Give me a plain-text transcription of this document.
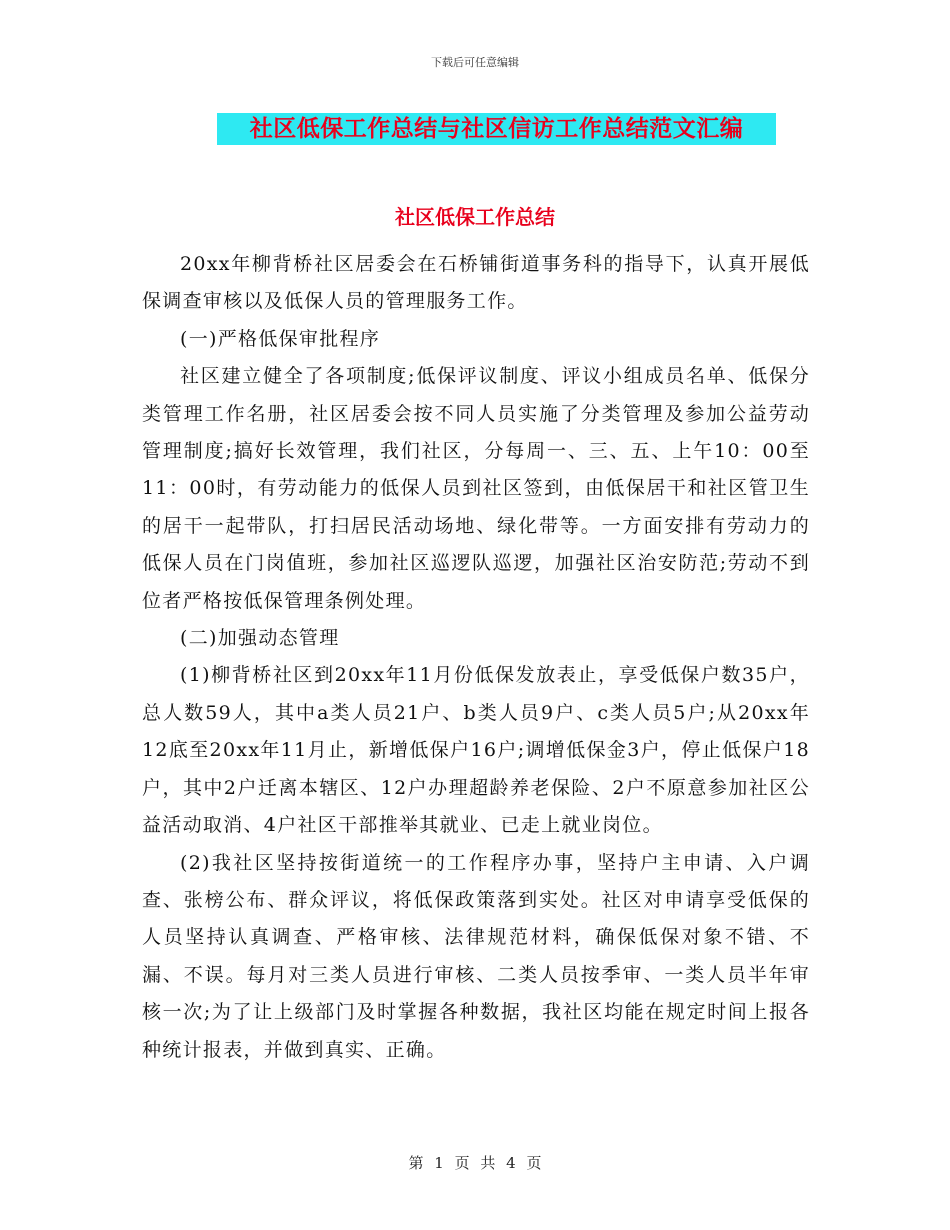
下载后可任意编辑
社区低保工作总结与社区信访工作总结范文汇编
社区低保工作总结

20xx年柳背桥社区居委会在石桥铺街道事务科的指导下，认真开展低保调查审核以及低保人员的管理服务工作。

(一)严格低保审批程序

社区建立健全了各项制度;低保评议制度、评议小组成员名单、低保分类管理工作名册，社区居委会按不同人员实施了分类管理及参加公益劳动管理制度;搞好长效管理，我们社区，分每周一、三、五、上午10：00至11：00时，有劳动能力的低保人员到社区签到，由低保居干和社区管卫生的居干一起带队，打扫居民活动场地、绿化带等。一方面安排有劳动力的低保人员在门岗值班，参加社区巡逻队巡逻，加强社区治安防范;劳动不到位者严格按低保管理条例处理。

(二)加强动态管理

(1)柳背桥社区到20xx年11月份低保发放表止，享受低保户数35户，总人数59人，其中a类人员21户、b类人员9户、c类人员5户;从20xx年12底至20xx年11月止，新增低保户16户;调增低保金3户，停止低保户18户，其中2户迁离本辖区、12户办理超龄养老保险、2户不原意参加社区公益活动取消、4户社区干部推举其就业、已走上就业岗位。

(2)我社区坚持按街道统一的工作程序办事，坚持户主申请、入户调查、张榜公布、群众评议，将低保政策落到实处。社区对申请享受低保的人员坚持认真调查、严格审核、法律规范材料，确保低保对象不错、不漏、不误。每月对三类人员进行审核、二类人员按季审、一类人员半年审核一次;为了让上级部门及时掌握各种数据，我社区均能在规定时间上报各种统计报表，并做到真实、正确。

第 1 页 共 4 页
